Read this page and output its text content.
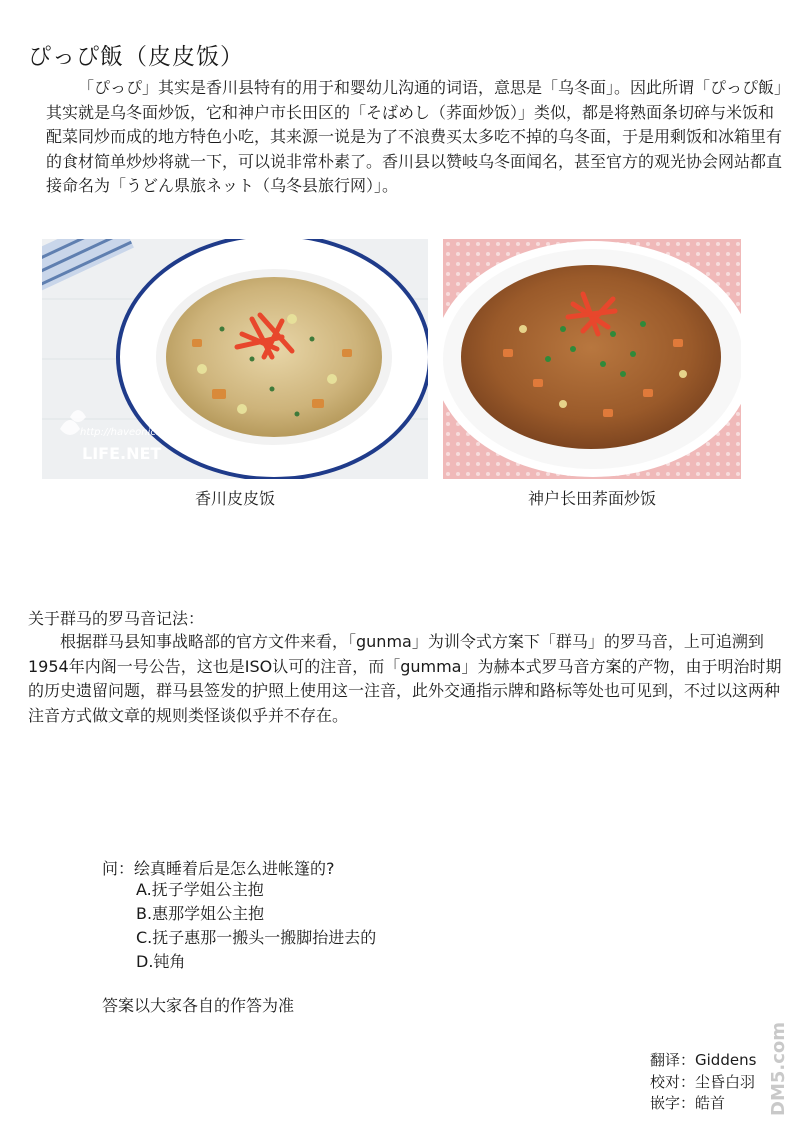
ぴっぴ飯（皮皮饭）

「ぴっぴ」其实是香川县特有的用于和婴幼儿沟通的词语，意思是「乌冬面」。因此所谓「ぴっぴ飯」其实就是乌冬面炒饭，它和神户市长田区的「そばめし（荞面炒饭）」类似，都是将熟面条切碎与米饭和配菜同炒而成的地方特色小吃，其来源一说是为了不浪费买太多吃不掉的乌冬面，于是用剩饭和冰箱里有的食材简单炒炒将就一下，可以说非常朴素了。香川县以赞岐乌冬面闻名，甚至官方的观光协会网站都直接命名为「うどん県旅ネット（乌冬县旅行网）」。

http://haveonic.net
LIFE.NET
香川皮皮饭	神户长田荞面炒饭
关于群马的罗马音记法：

根据群马县知事战略部的官方文件来看，「gunma」为训令式方案下「群马」的罗马音，上可追溯到1954年内阁一号公告，这也是ISO认可的注音，而「gumma」为赫本式罗马音方案的产物，由于明治时期的历史遗留问题，群马县签发的护照上使用这一注音，此外交通指示牌和路标等处也可见到，不过以这两种注音方式做文章的规则类怪谈似乎并不存在。

问：绘真睡着后是怎么进帐篷的?
A.抚子学姐公主抱
B.惠那学姐公主抱
C.抚子惠那一搬头一搬脚抬进去的
D.钝角
答案以大家各自的作答为准
翻译：Giddens
校对：尘昏白羽
嵌字：皓首	DM5.com
